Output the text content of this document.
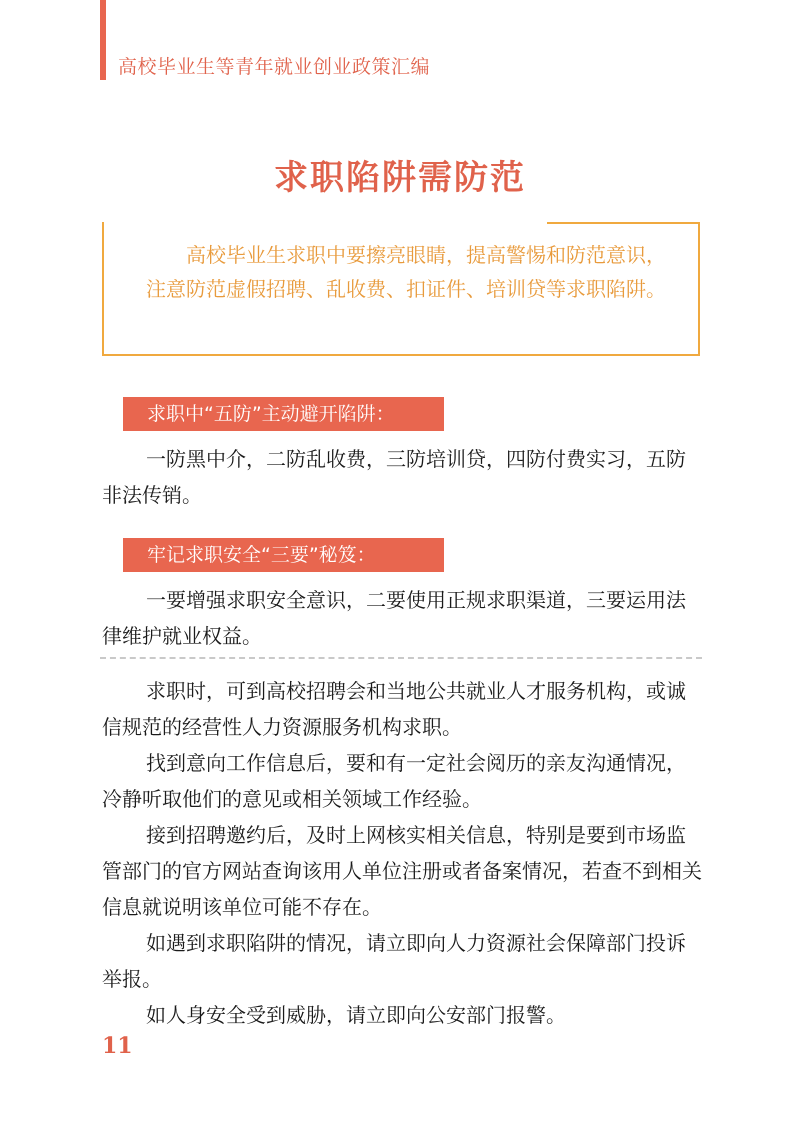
高校毕业生等青年就业创业政策汇编
求职陷阱需防范

高校毕业生求职中要擦亮眼睛，提高警惕和防范意识，注意防范虚假招聘、乱收费、扣证件、培训贷等求职陷阱。

求职中“五防”主动避开陷阱：

一防黑中介，二防乱收费，三防培训贷，四防付费实习，五防非法传销。

牢记求职安全“三要”秘笈：

一要增强求职安全意识，二要使用正规求职渠道，三要运用法律维护就业权益。

求职时，可到高校招聘会和当地公共就业人才服务机构，或诚信规范的经营性人力资源服务机构求职。

找到意向工作信息后，要和有一定社会阅历的亲友沟通情况，冷静听取他们的意见或相关领域工作经验。

接到招聘邀约后，及时上网核实相关信息，特别是要到市场监管部门的官方网站查询该用人单位注册或者备案情况，若查不到相关信息就说明该单位可能不存在。

如遇到求职陷阱的情况，请立即向人力资源社会保障部门投诉举报。

如人身安全受到威胁，请立即向公安部门报警。

11
